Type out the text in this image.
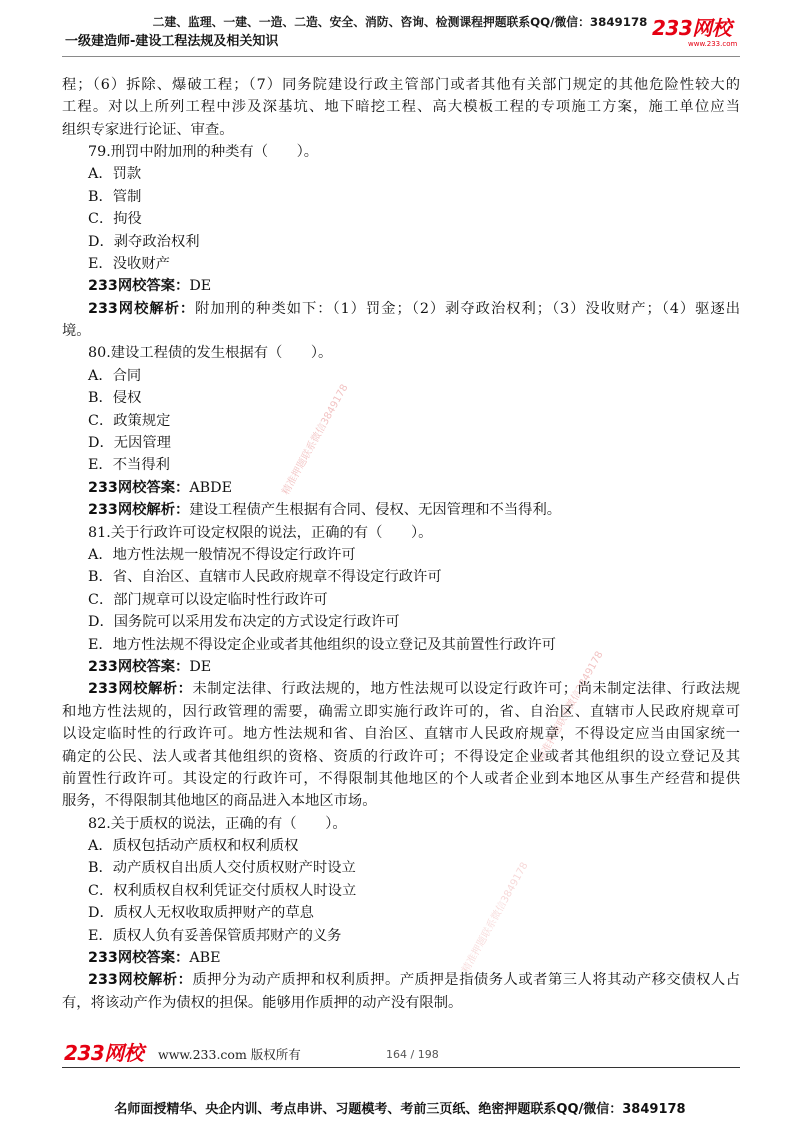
二建、监理、一建、一造、二造、安全、消防、咨询、检测课程押题联系QQ/微信：3849178
一级建造师-建设工程法规及相关知识
233网校
www.233.com
精准押题联系微信3849178
精准押题联系微信3849178
精准押题联系微信3849178
程；（6）拆除、爆破工程；（7）同务院建设行政主管部门或者其他有关部门规定的其他危险性较大的
工程。对以上所列工程中涉及深基坑、地下暗挖工程、高大模板工程的专项施工方案，施工单位应当
组织专家进行论证、审查。
79.刑罚中附加刑的种类有（　　）。
A．罚款
B．管制
C．拘役
D．剥夺政治权利
E．没收财产
233网校答案：DE
233网校解析：附加刑的种类如下：（1）罚金；（2）剥夺政治权利；（3）没收财产；（4）驱逐出
境。
80.建设工程债的发生根据有（　　）。
A．合同
B．侵权
C．政策规定
D．无因管理
E．不当得利
233网校答案：ABDE
233网校解析：建设工程债产生根据有合同、侵权、无因管理和不当得利。
81.关于行政许可设定权限的说法，正确的有（　　）。
A．地方性法规一般情况不得设定行政许可
B．省、自治区、直辖市人民政府规章不得设定行政许可
C．部门规章可以设定临时性行政许可
D．国务院可以采用发布决定的方式设定行政许可
E．地方性法规不得设定企业或者其他组织的设立登记及其前置性行政许可
233网校答案：DE
233网校解析：未制定法律、行政法规的，地方性法规可以设定行政许可；尚未制定法律、行政法规
和地方性法规的，因行政管理的需要，确需立即实施行政许可的，省、自治区、直辖市人民政府规章可
以设定临时性的行政许可。地方性法规和省、自治区、直辖市人民政府规章，不得设定应当由国家统一
确定的公民、法人或者其他组织的资格、资质的行政许可；不得设定企业或者其他组织的设立登记及其
前置性行政许可。其设定的行政许可，不得限制其他地区的个人或者企业到本地区从事生产经营和提供
服务，不得限制其他地区的商品进入本地区市场。
82.关于质权的说法，正确的有（　　）。
A．质权包括动产质权和权利质权
B．动产质权自出质人交付质权财产时设立
C．权利质权自权利凭证交付质权人时设立
D．质权人无权收取质押财产的草息
E．质权人负有妥善保管质邦财产的义务
233网校答案：ABE
233网校解析：质押分为动产质押和权利质押。产质押是指债务人或者第三人将其动产移交债权人占
有，将该动产作为债权的担保。能够用作质押的动产没有限制。
233网校 www.233.com 版权所有	164 / 198
名师面授精华、央企内训、考点串讲、习题模考、考前三页纸、绝密押题联系QQ/微信：3849178
